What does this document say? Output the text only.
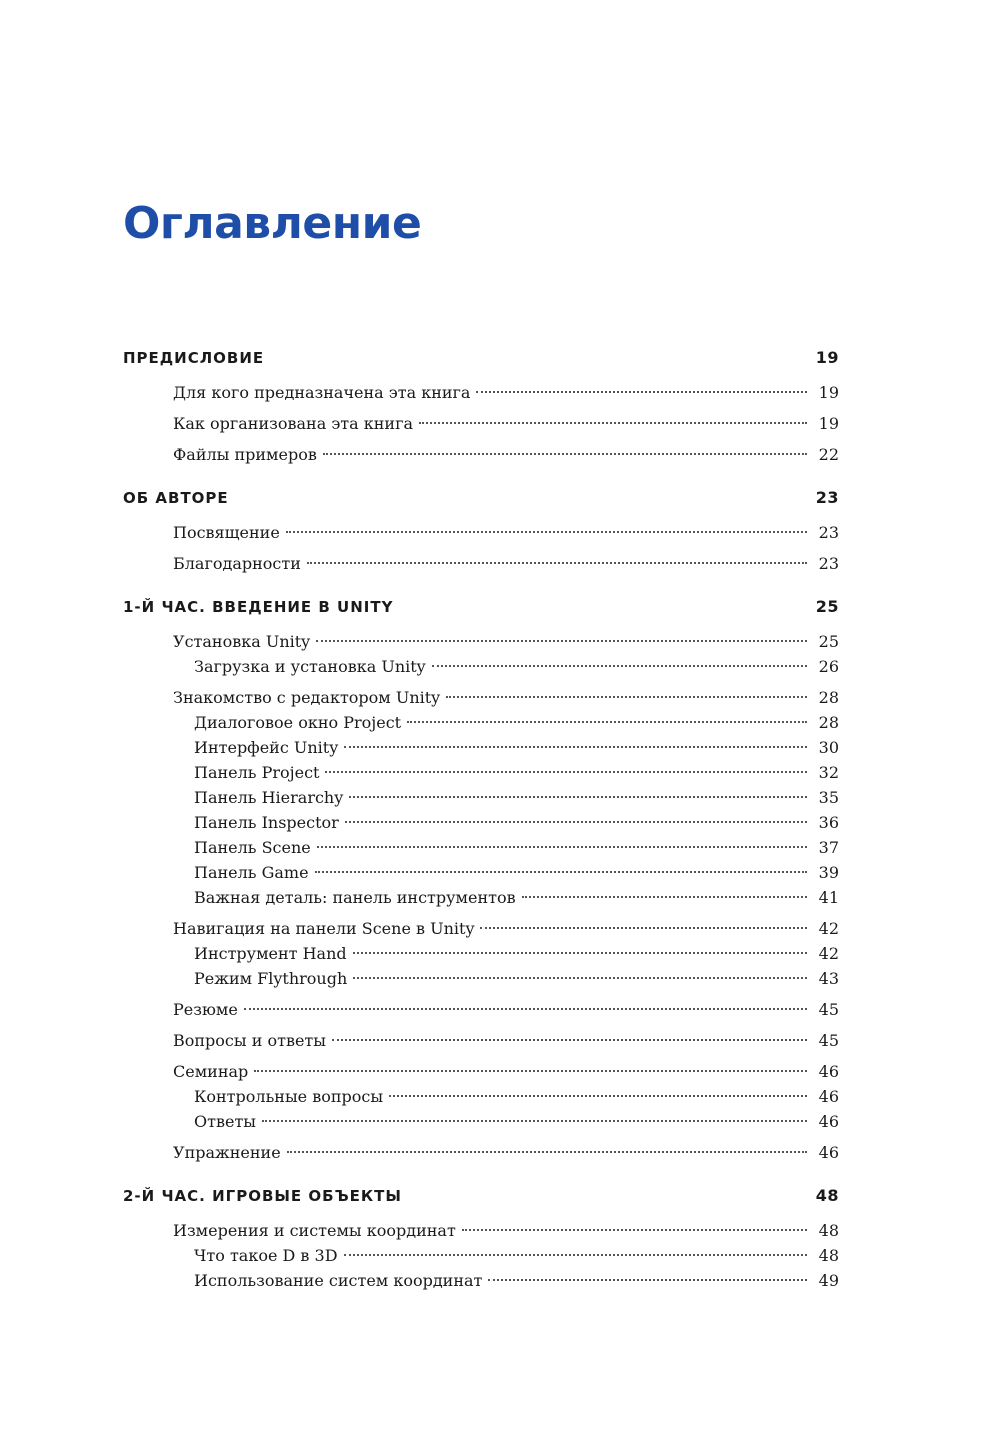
Оглавление
ПРЕДИСЛОВИЕ	19
Для кого предназначена эта книга	19
Как организована эта книга	19
Файлы примеров	22
ОБ АВТОРЕ	23
Посвящение	23
Благодарности	23
1-Й ЧАС. ВВЕДЕНИЕ В UNITY	25
Установка Unity	25
Загрузка и установка Unity	26
Знакомство с редактором Unity	28
Диалоговое окно Project	28
Интерфейс Unity	30
Панель Project	32
Панель Hierarchy	35
Панель Inspector	36
Панель Scene	37
Панель Game	39
Важная деталь: панель инструментов	41
Навигация на панели Scene в Unity	42
Инструмент Hand	42
Режим Flythrough	43
Резюме	45
Вопросы и ответы	45
Семинар	46
Контрольные вопросы	46
Ответы	46
Упражнение	46
2-Й ЧАС. ИГРОВЫЕ ОБЪЕКТЫ	48
Измерения и системы координат	48
Что такое D в 3D	48
Использование систем координат	49
